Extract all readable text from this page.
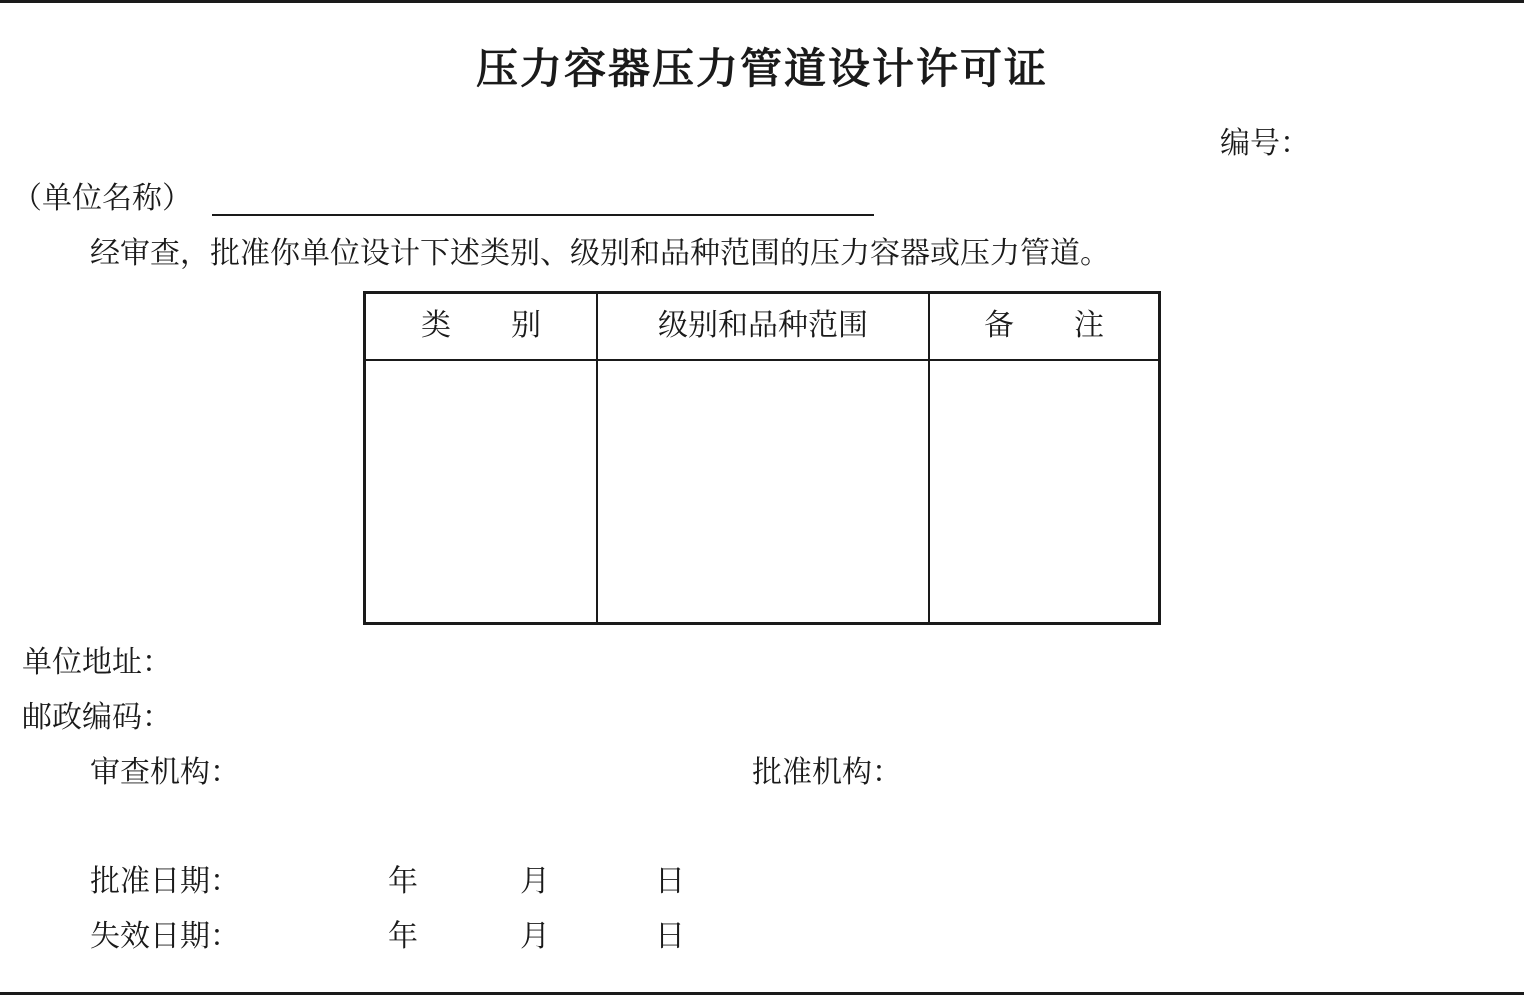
压力容器压力管道设计许可证
编号：
（单位名称）
经审查，批准你单位设计下述类别、级别和品种范围的压力容器或压力管道。
类　　别	级别和品种范围	备　　注
单位地址：
邮政编码：
审查机构：	批准机构：
批准日期：	年	月	日
失效日期：	年	月	日
